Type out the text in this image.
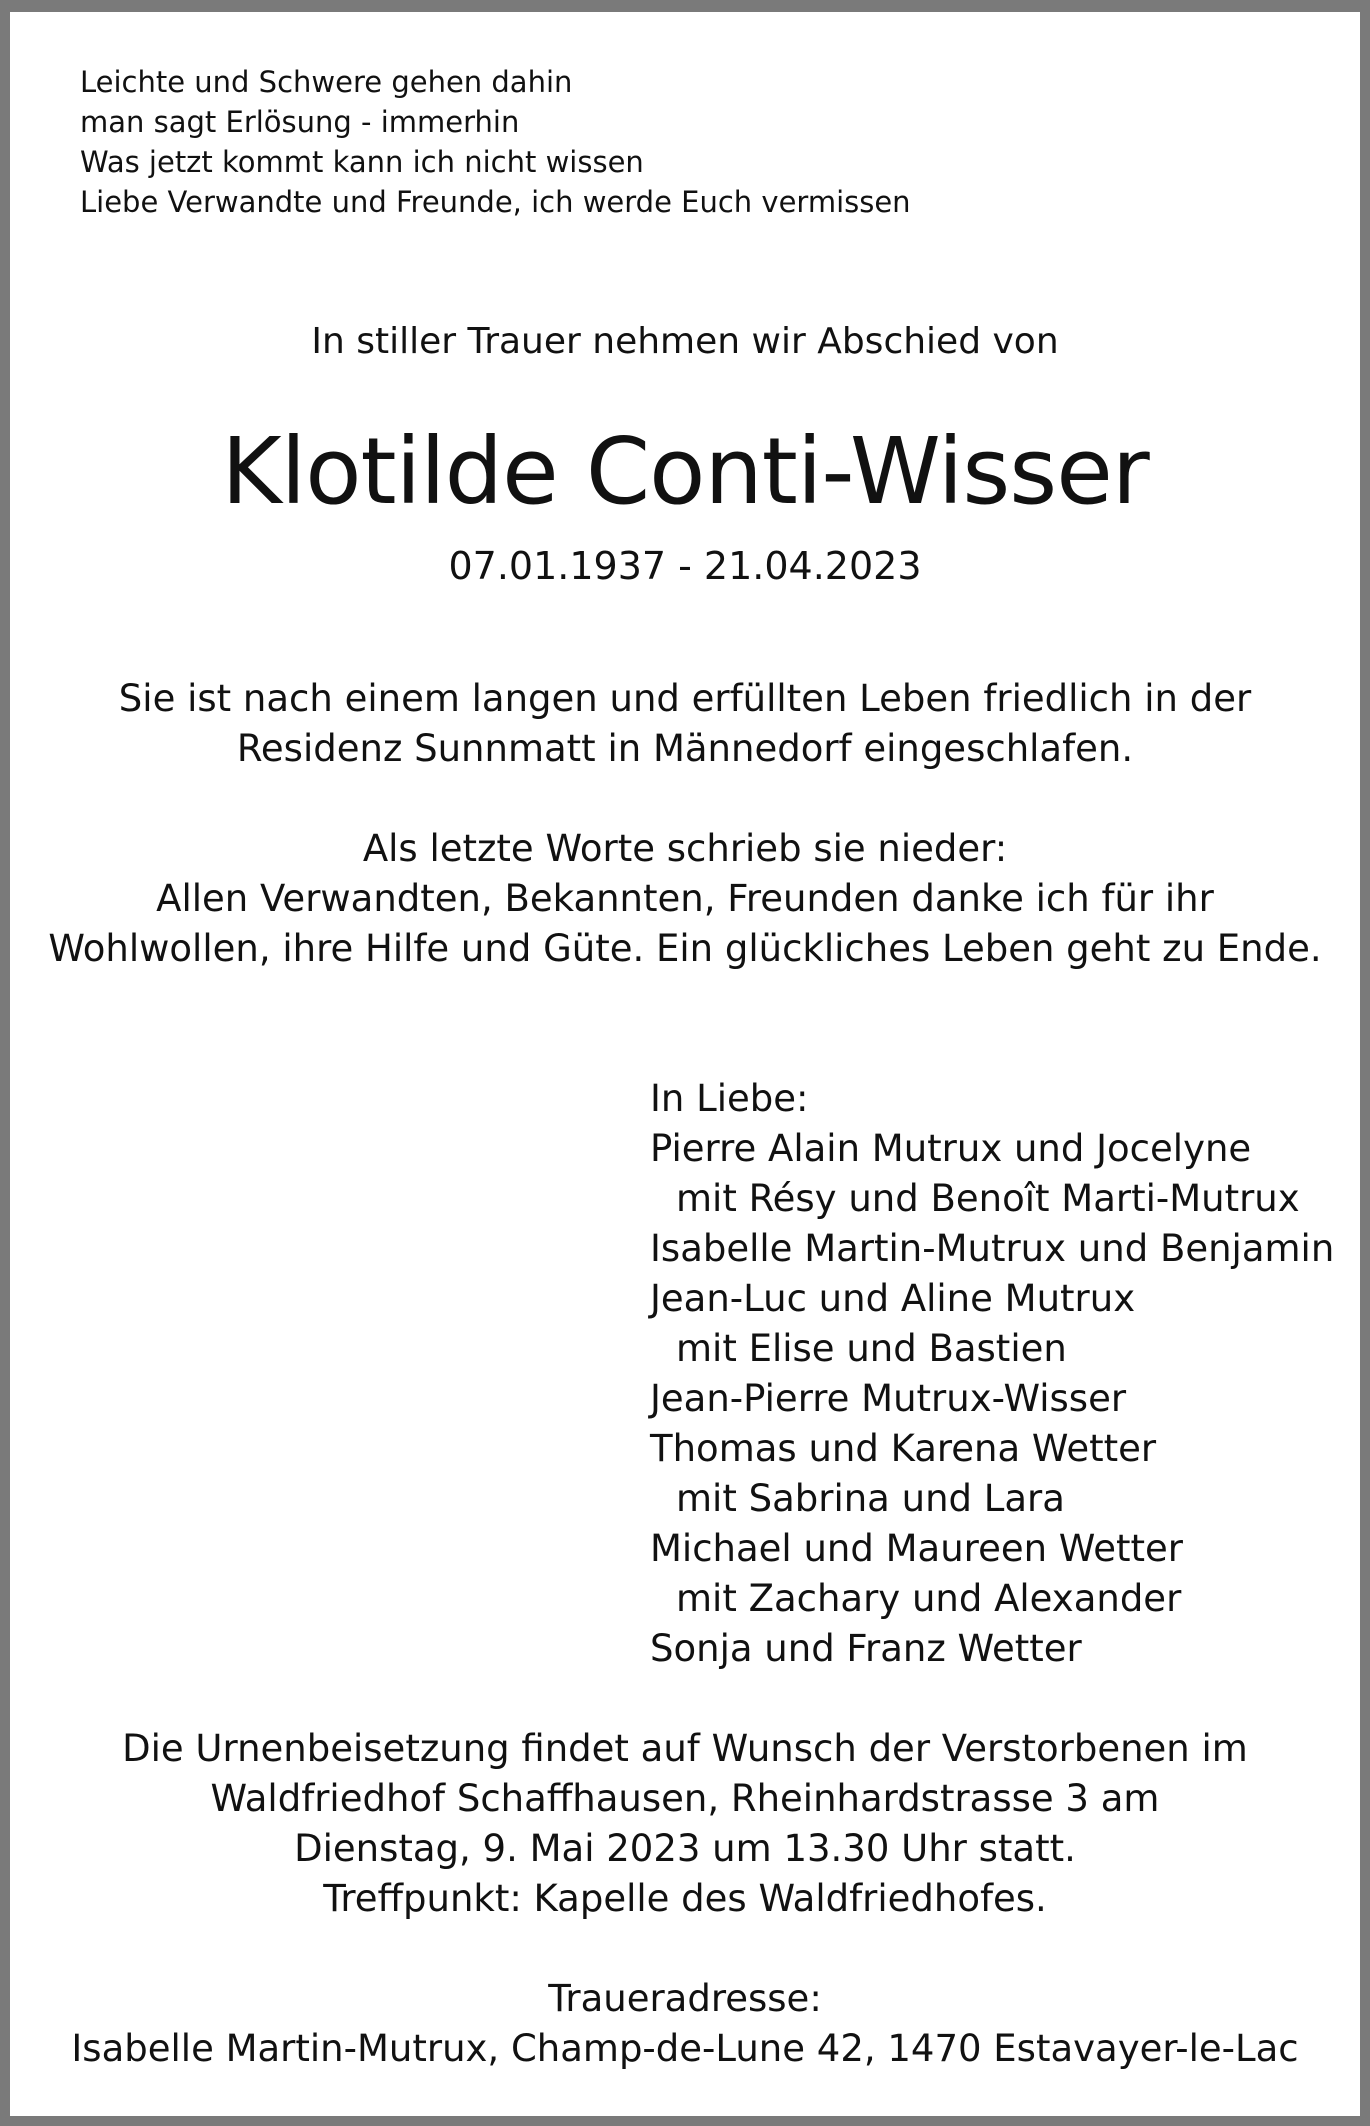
Leichte und Schwere gehen dahin
man sagt Erlösung - immerhin
Was jetzt kommt kann ich nicht wissen
Liebe Verwandte und Freunde, ich werde Euch vermissen
In stiller Trauer nehmen wir Abschied von
Klotilde Conti-Wisser
07.01.1937 - 21.04.2023
Sie ist nach einem langen und erfüllten Leben friedlich in der
Residenz Sunnmatt in Männedorf eingeschlafen.
Als letzte Worte schrieb sie nieder:
Allen Verwandten, Bekannten, Freunden danke ich für ihr
Wohlwollen, ihre Hilfe und Güte. Ein glückliches Leben geht zu Ende.
In Liebe:
Pierre Alain Mutrux und Jocelyne
mit Résy und Benoît Marti-Mutrux
Isabelle Martin-Mutrux und Benjamin
Jean-Luc und Aline Mutrux
mit Elise und Bastien
Jean-Pierre Mutrux-Wisser
Thomas und Karena Wetter
mit Sabrina und Lara
Michael und Maureen Wetter
mit Zachary und Alexander
Sonja und Franz Wetter
Die Urnenbeisetzung findet auf Wunsch der Verstorbenen im
Waldfriedhof Schaffhausen, Rheinhardstrasse 3 am
Dienstag, 9. Mai 2023 um 13.30 Uhr statt.
Treffpunkt: Kapelle des Waldfriedhofes.
Traueradresse:
Isabelle Martin-Mutrux, Champ-de-Lune 42, 1470 Estavayer-le-Lac
